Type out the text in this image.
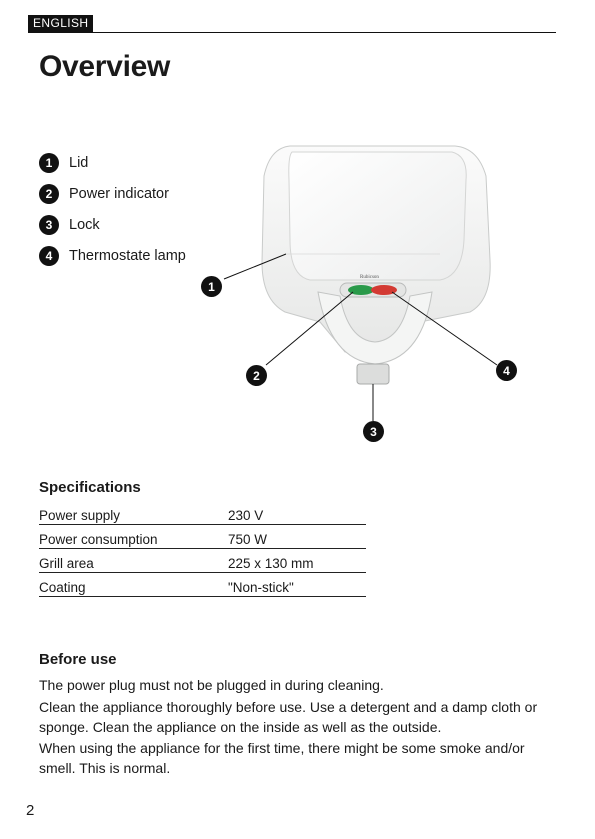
ENGLISH
Overview
1	Lid
2	Power indicator
3	Lock
4	Thermostate lamp
Rubicson
1
2
3
4
Specifications
Power supply	230 V
Power consumption	750 W
Grill area	225 x 130 mm
Coating	"Non-stick"
Before use

The power plug must not be plugged in during cleaning.

Clean the appliance thoroughly before use. Use a detergent and a damp cloth or sponge. Clean the appliance on the inside as well as the outside.

When using the appliance for the first time, there might be some smoke and/or smell. This is normal.

2
